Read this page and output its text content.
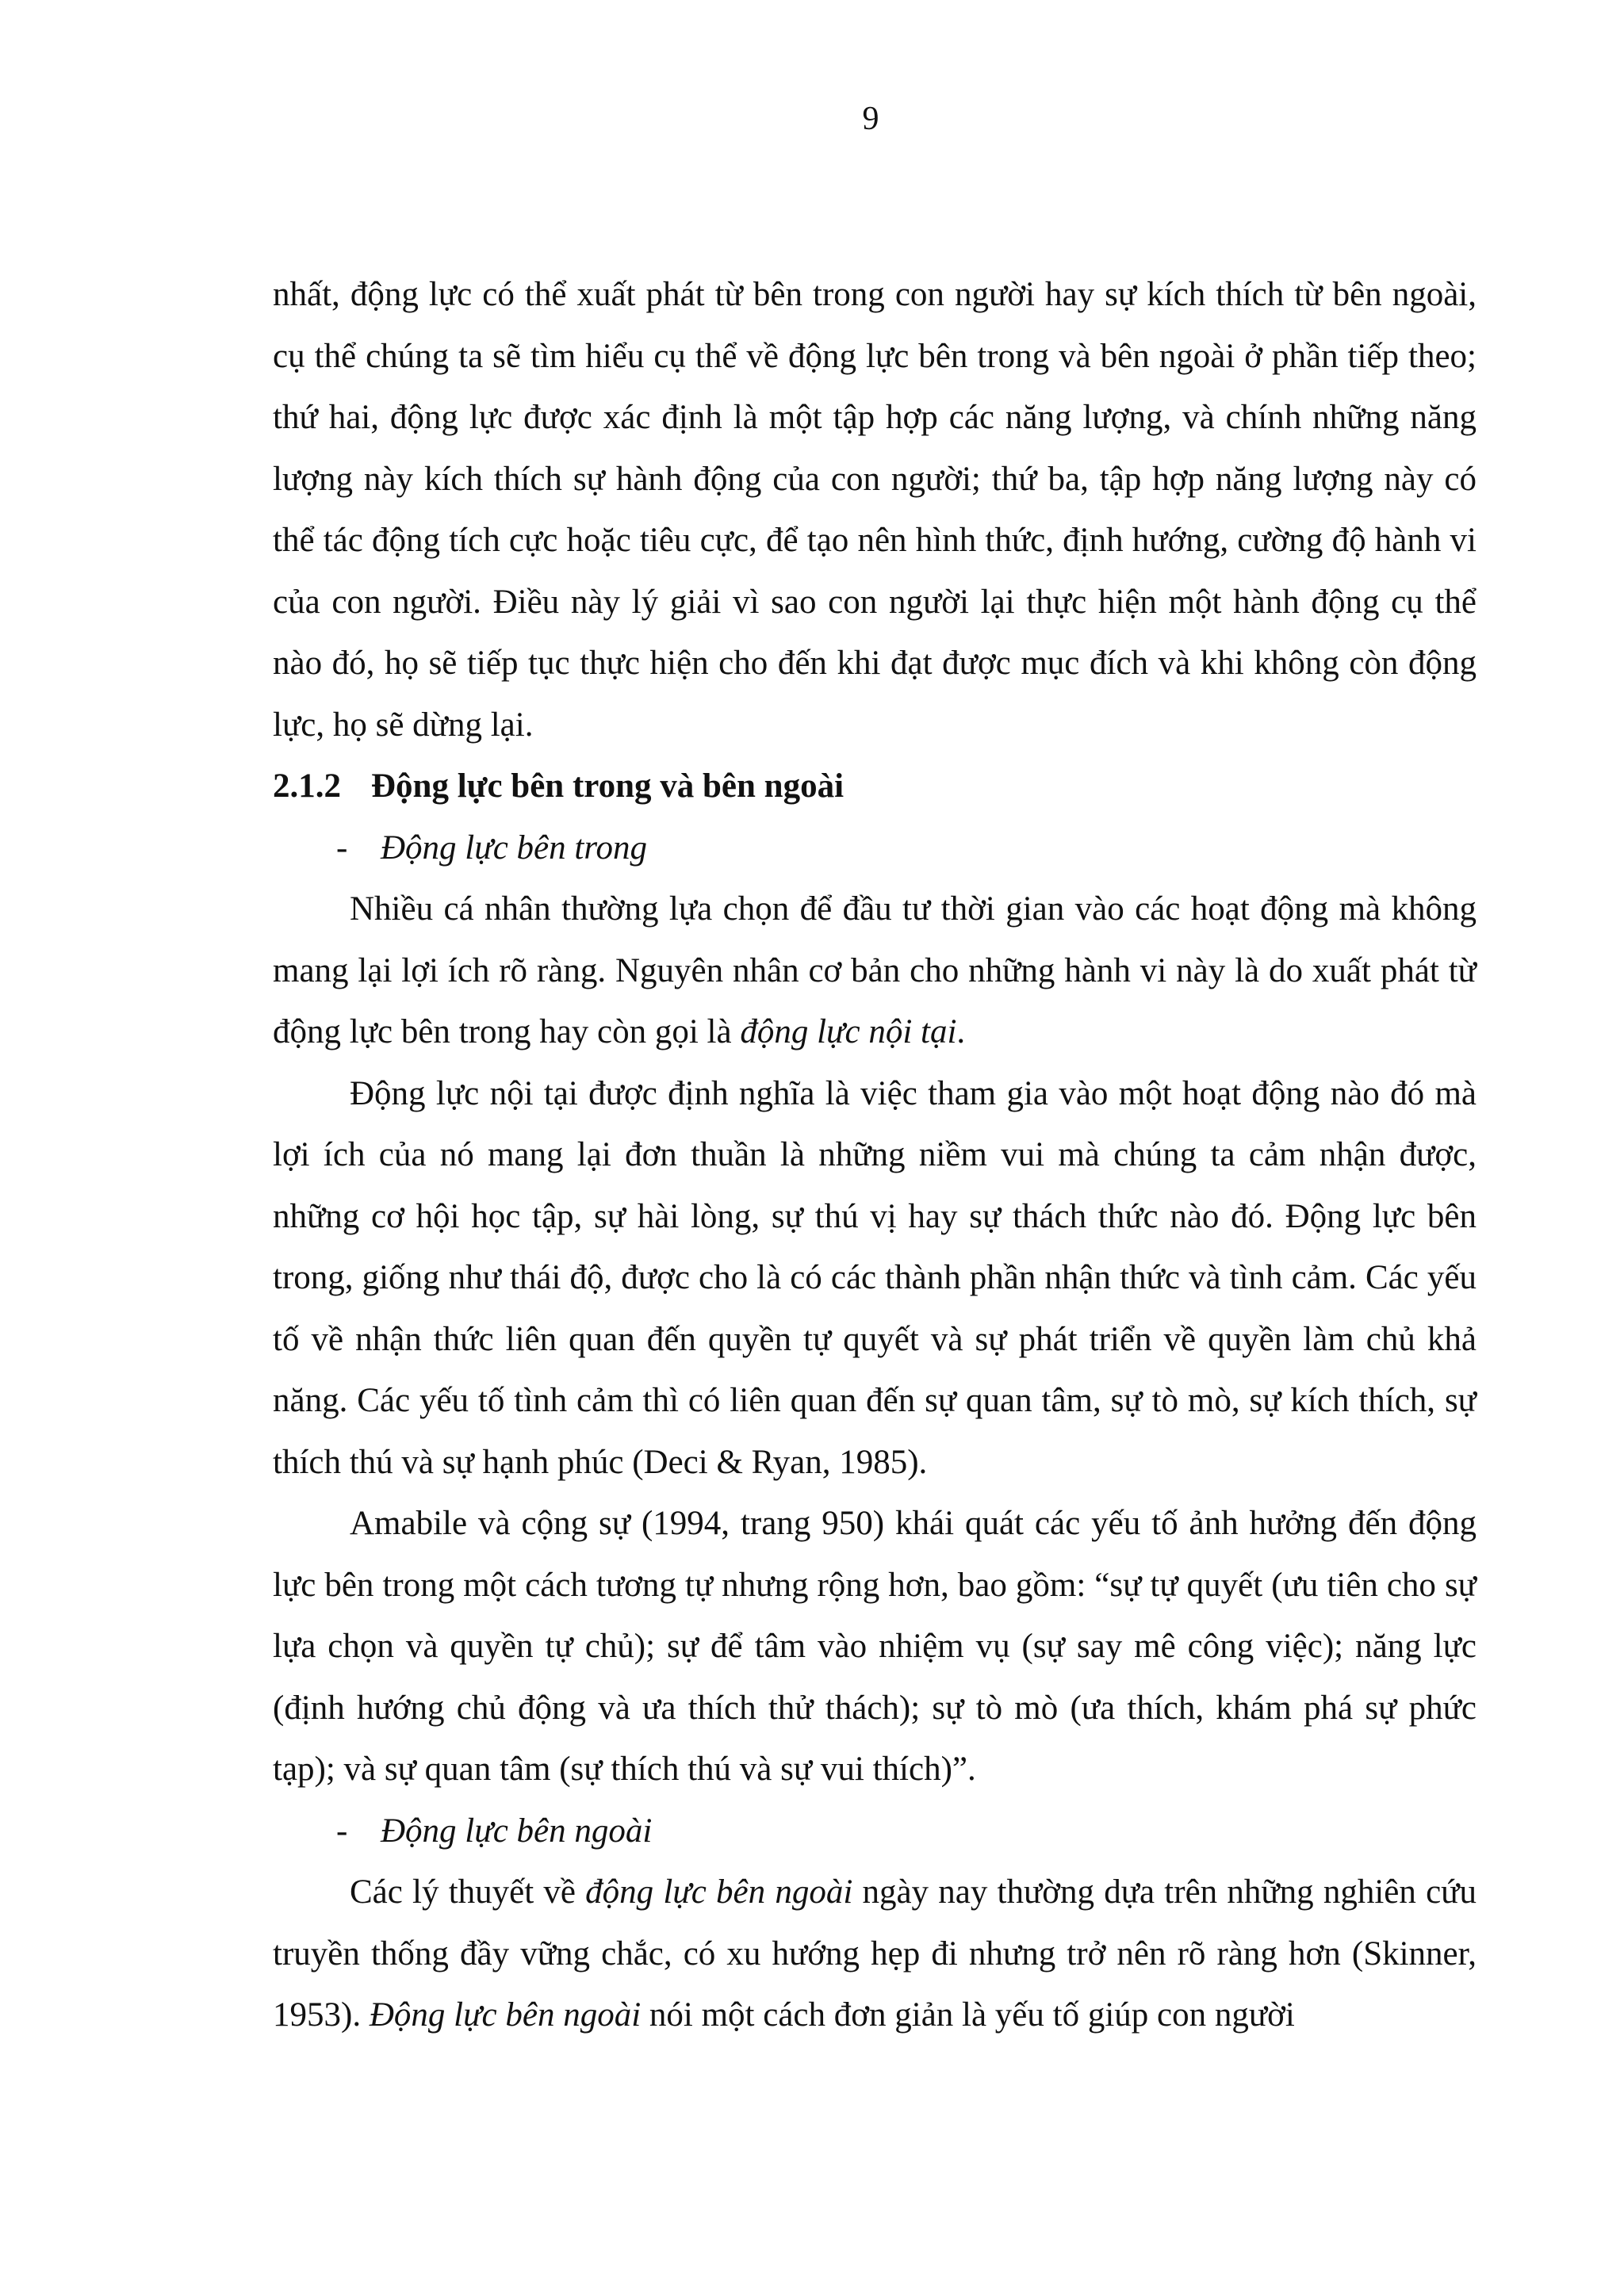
9

nhất, động lực có thể xuất phát từ bên trong con người hay sự kích thích từ bên ngoài, cụ thể chúng ta sẽ tìm hiểu cụ thể về động lực bên trong và bên ngoài ở phần tiếp theo; thứ hai, động lực được xác định là một tập hợp các năng lượng, và chính những năng lượng này kích thích sự hành động của con người; thứ ba, tập hợp năng lượng này có thể tác động tích cực hoặc tiêu cực, để tạo nên hình thức, định hướng, cường độ hành vi của con người. Điều này lý giải vì sao con người lại thực hiện một hành động cụ thể nào đó, họ sẽ tiếp tục thực hiện cho đến khi đạt được mục đích và khi không còn động lực, họ sẽ dừng lại.

2.1.2 Động lực bên trong và bên ngoài
- Động lực bên trong

Nhiều cá nhân thường lựa chọn để đầu tư thời gian vào các hoạt động mà không mang lại lợi ích rõ ràng. Nguyên nhân cơ bản cho những hành vi này là do xuất phát từ động lực bên trong hay còn gọi là động lực nội tại.

Động lực nội tại được định nghĩa là việc tham gia vào một hoạt động nào đó mà lợi ích của nó mang lại đơn thuần là những niềm vui mà chúng ta cảm nhận được, những cơ hội học tập, sự hài lòng, sự thú vị hay sự thách thức nào đó. Động lực bên trong, giống như thái độ, được cho là có các thành phần nhận thức và tình cảm. Các yếu tố về nhận thức liên quan đến quyền tự quyết và sự phát triển về quyền làm chủ khả năng. Các yếu tố tình cảm thì có liên quan đến sự quan tâm, sự tò mò, sự kích thích, sự thích thú và sự hạnh phúc (Deci & Ryan, 1985).

Amabile và cộng sự (1994, trang 950) khái quát các yếu tố ảnh hưởng đến động lực bên trong một cách tương tự nhưng rộng hơn, bao gồm: “sự tự quyết (ưu tiên cho sự lựa chọn và quyền tự chủ); sự để tâm vào nhiệm vụ (sự say mê công việc); năng lực (định hướng chủ động và ưa thích thử thách); sự tò mò (ưa thích, khám phá sự phức tạp); và sự quan tâm (sự thích thú và sự vui thích)”.

- Động lực bên ngoài

Các lý thuyết về động lực bên ngoài ngày nay thường dựa trên những nghiên cứu truyền thống đầy vững chắc, có xu hướng hẹp đi nhưng trở nên rõ ràng hơn (Skinner, 1953). Động lực bên ngoài nói một cách đơn giản là yếu tố giúp con người
